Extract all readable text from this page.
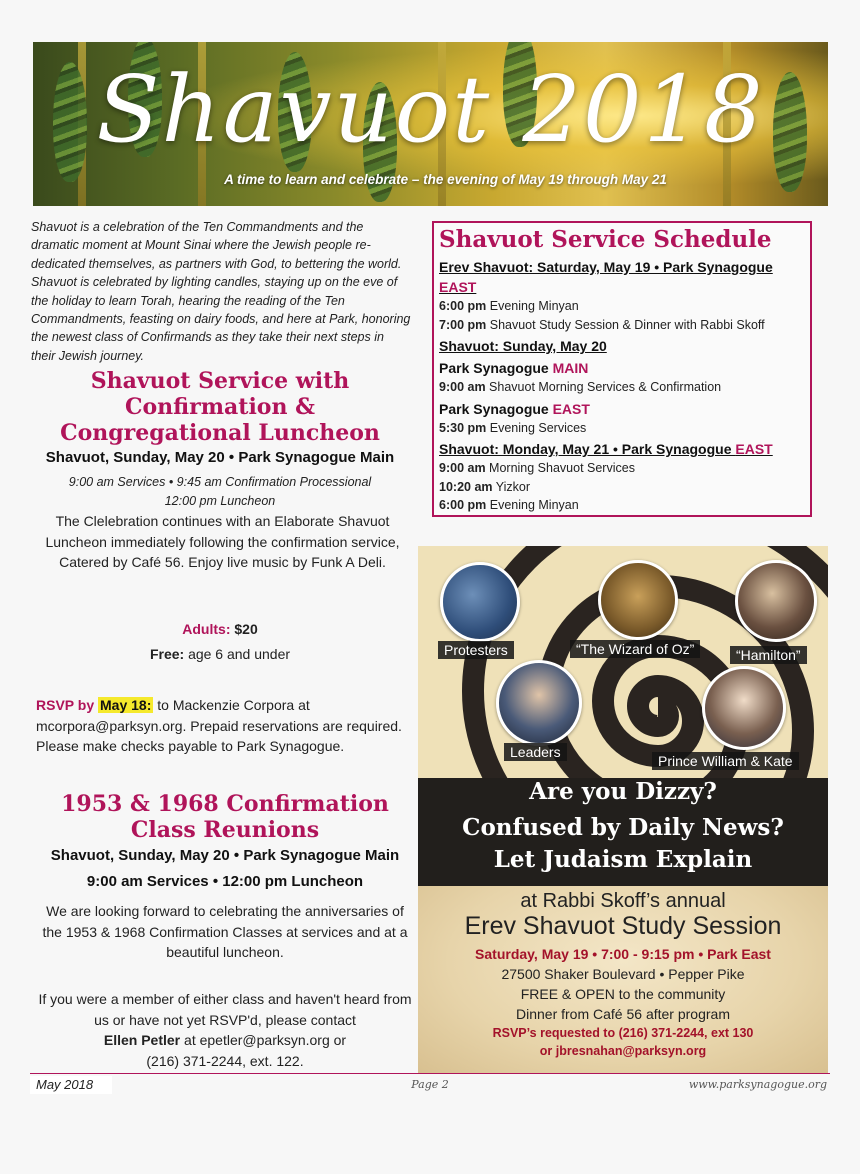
Shavuot 2018
A time to learn and celebrate – the evening of May 19 through May 21
Shavuot is a celebration of the Ten Commandments and the dramatic moment at Mount Sinai where the Jewish people re-dedicated themselves, as partners with God, to bettering the world. Shavuot is celebrated by lighting candles, staying up on the eve of the holiday to learn Torah, hearing the reading of the Ten Commandments, feasting on dairy foods, and here at Park, honoring the newest class of Confirmands as they take their next steps in their Jewish journey.
Shavuot Service with
Confirmation &
Congregational Luncheon
Shavuot, Sunday, May 20 • Park Synagogue Main
9:00 am Services • 9:45 am Confirmation Processional
12:00 pm Luncheon
The Clelebration continues with an Elaborate Shavuot Luncheon immediately following the confirmation service, Catered by Café 56. Enjoy live music by Funk A Deli.
Adults: $20
Free: age 6 and under
RSVP by May 18: to Mackenzie Corpora at mcorpora@parksyn.org. Prepaid reservations are required. Please make checks payable to Park Synagogue.
1953 & 1968 Confirmation
Class Reunions
Shavuot, Sunday, May 20 • Park Synagogue Main
9:00 am Services • 12:00 pm Luncheon
We are looking forward to celebrating the anniversaries of the 1953 & 1968 Confirmation Classes at services and at a beautiful luncheon.
If you were a member of either class and haven't heard from us or have not yet RSVP'd, please contact
Ellen Petler at epetler@parksyn.org or
(216) 371-2244, ext. 122.
Shavuot Service Schedule
Erev Shavuot: Saturday, May 19 • Park Synagogue EAST
6:00 pm Evening Minyan
7:00 pm Shavuot Study Session & Dinner with Rabbi Skoff
Shavuot: Sunday, May 20
Park Synagogue MAIN
9:00 am Shavuot Morning Services & Confirmation
Park Synagogue EAST
5:30 pm Evening Services
Shavuot: Monday, May 21 • Park Synagogue EAST
9:00 am Morning Shavuot Services
10:20 am Yizkor
6:00 pm Evening Minyan
Protesters	“The Wizard of Oz”	“Hamilton”
Leaders
Prince William & Kate
Are you Dizzy?
Confused by Daily News?
Let Judaism Explain
at Rabbi Skoff’s annual
Erev Shavuot Study Session
Saturday, May 19 • 7:00 - 9:15 pm • Park East
27500 Shaker Boulevard • Pepper Pike
FREE & OPEN to the community
Dinner from Café 56 after program
RSVP’s requested to (216) 371-2244, ext 130
or jbresnahan@parksyn.org
May 2018	Page 2	www.parksynagogue.org
